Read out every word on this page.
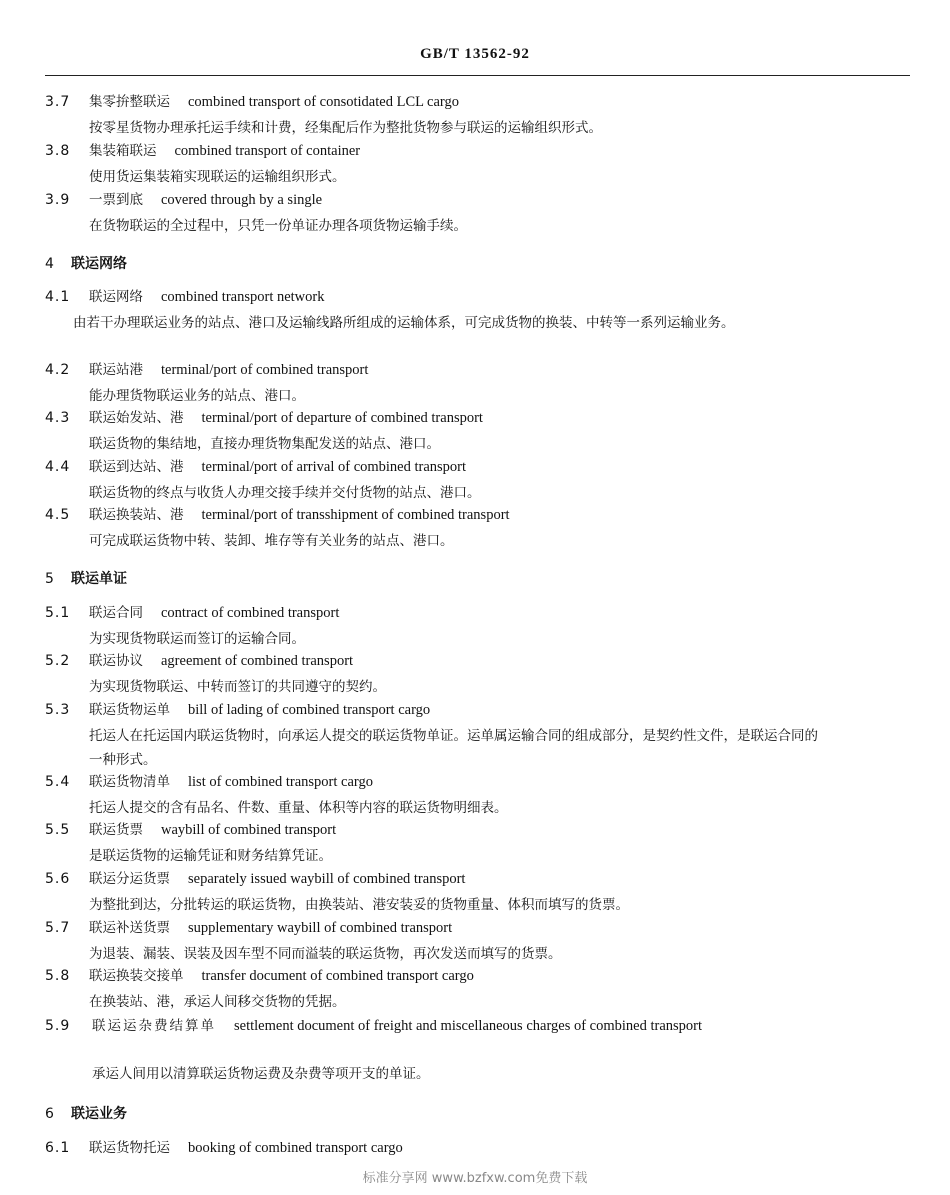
GB/T 13562-92
3.7 集零拚整联运 combined transport of consotidated LCL cargo
按零星货物办理承托运手续和计费，经集配后作为整批货物参与联运的运输组织形式。
3.8 集装箱联运 combined transport of container
使用货运集装箱实现联运的运输组织形式。
3.9 一票到底 covered through by a single
在货物联运的全过程中，只凭一份单证办理各项货物运输手续。
4 联运网络
4.1 联运网络 combined transport network
由若干办理联运业务的站点、港口及运输线路所组成的运输体系，可完成货物的换装、中转等一系列运输业务。
4.2 联运站港 terminal/port of combined transport
能办理货物联运业务的站点、港口。
4.3 联运始发站、港 terminal/port of departure of combined transport
联运货物的集结地，直接办理货物集配发送的站点、港口。
4.4 联运到达站、港 terminal/port of arrival of combined transport
联运货物的终点与收货人办理交接手续并交付货物的站点、港口。
4.5 联运换装站、港 terminal/port of transshipment of combined transport
可完成联运货物中转、装卸、堆存等有关业务的站点、港口。
5 联运单证
5.1 联运合同 contract of combined transport
为实现货物联运而签订的运输合同。
5.2 联运协议 agreement of combined transport
为实现货物联运、中转而签订的共同遵守的契约。
5.3 联运货物运单 bill of lading of combined transport cargo
托运人在托运国内联运货物时，向承运人提交的联运货物单证。运单属运输合同的组成部分，是契约性文件，是联运合同的一种形式。
5.4 联运货物清单 list of combined transport cargo
托运人提交的含有品名、件数、重量、体积等内容的联运货物明细表。
5.5 联运货票 waybill of combined transport
是联运货物的运输凭证和财务结算凭证。
5.6 联运分运货票 separately issued waybill of combined transport
为整批到达，分批转运的联运货物，由换装站、港安装妥的货物重量、体积而填写的货票。
5.7 联运补送货票 supplementary waybill of combined transport
为退装、漏装、误装及因车型不同而溢装的联运货物，再次发送而填写的货票。
5.8 联运换装交接单 transfer document of combined transport cargo
在换装站、港，承运人间移交货物的凭据。
5.9 联运运杂费结算单 settlement document of freight and miscellaneous charges of combined transport
承运人间用以清算联运货物运费及杂费等项开支的单证。
6 联运业务
6.1 联运货物托运 booking of combined transport cargo
标准分享网 www.bzfxw.com免费下载
